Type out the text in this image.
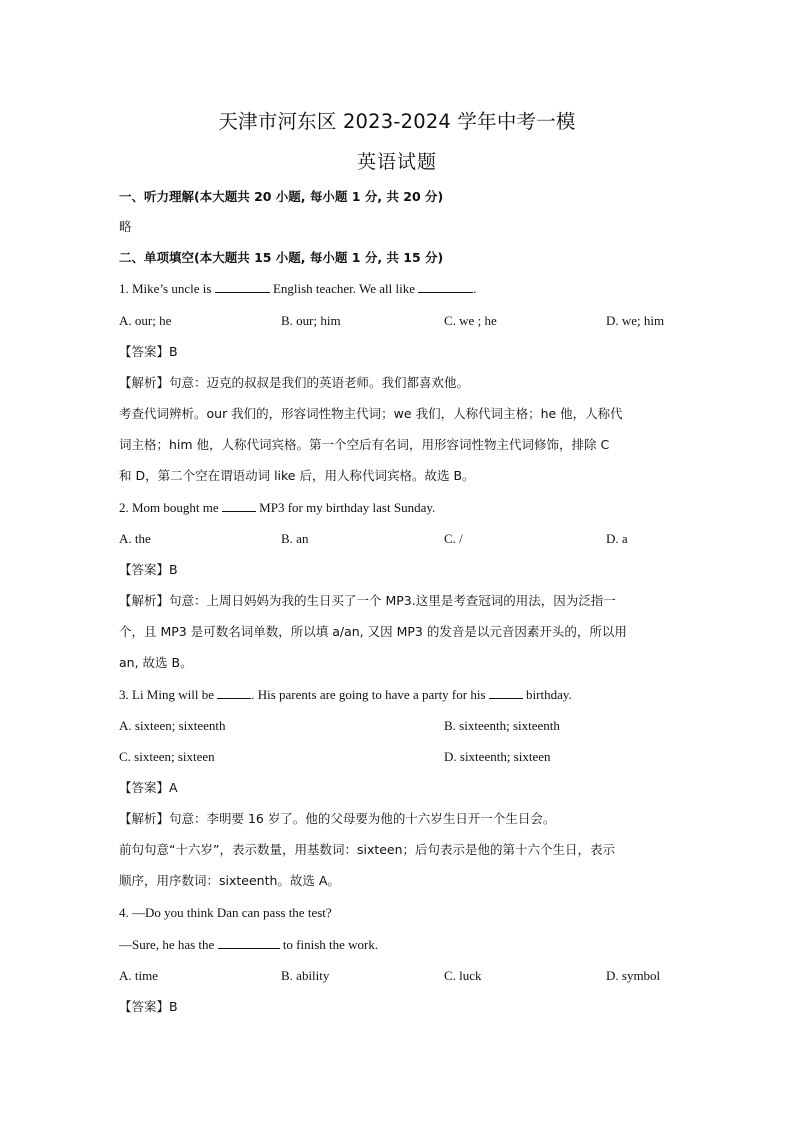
天津市河东区 2023-2024 学年中考一模
英语试题
一、听力理解(本大题共 20 小题, 每小题 1 分, 共 20 分)
略
二、单项填空(本大题共 15 小题, 每小题 1 分, 共 15 分)
1. Mike’s uncle is	English teacher. We all like	.
A. our; he	B. our; him	C. we ; he	D. we; him
【答案】B
【解析】句意：迈克的叔叔是我们的英语老师。我们都喜欢他。
考查代词辨析。our 我们的，形容词性物主代词；we 我们，人称代词主格；he 他，人称代
词主格；him 他，人称代词宾格。第一个空后有名词，用形容词性物主代词修饰，排除 C
和 D，第二个空在谓语动词 like 后，用人称代词宾格。故选 B。
2. Mom bought me	MP3 for my birthday last Sunday.
A. the	B. an	C. /	D. a
【答案】B
【解析】句意：上周日妈妈为我的生日买了一个 MP3.这里是考查冠词的用法，因为泛指一
个，且 MP3 是可数名词单数，所以填 a/an, 又因 MP3 的发音是以元音因素开头的，所以用
an, 故选 B。
3. Li Ming will be	. His parents are going to have a party for his	birthday.
A. sixteen; sixteenth	B. sixteenth; sixteenth
C. sixteen; sixteen	D. sixteenth; sixteen
【答案】A
【解析】句意：李明要 16 岁了。他的父母要为他的十六岁生日开一个生日会。
前句句意“十六岁”，表示数量，用基数词：sixteen；后句表示是他的第十六个生日，表示
顺序，用序数词：sixteenth。故选 A。
4. —Do you think Dan can pass the test?
—Sure, he has the	to finish the work.
A. time	B. ability	C. luck	D. symbol
【答案】B
